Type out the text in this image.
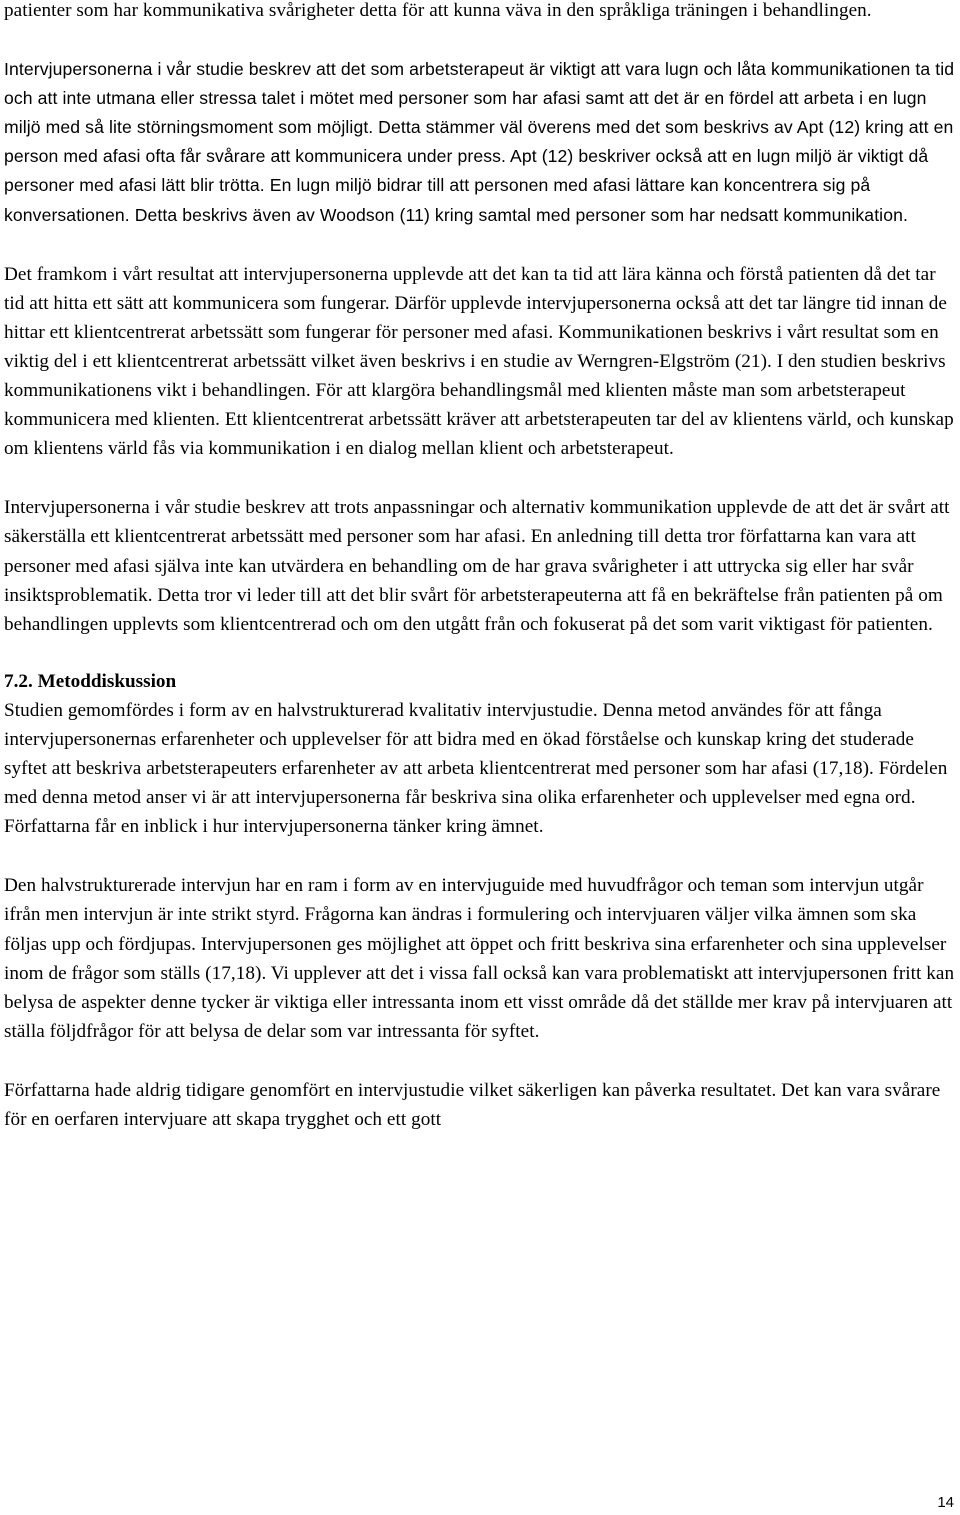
patienter som har kommunikativa svårigheter detta för att kunna väva in den språkliga träningen i behandlingen.

Intervjupersonerna i vår studie beskrev att det som arbetsterapeut är viktigt att vara lugn och låta kommunikationen ta tid och att inte utmana eller stressa talet i mötet med personer som har afasi samt att det är en fördel att arbeta i en lugn miljö med så lite störningsmoment som möjligt. Detta stämmer väl överens med det som beskrivs av Apt (12) kring att en person med afasi ofta får svårare att kommunicera under press. Apt (12) beskriver också att en lugn miljö är viktigt då personer med afasi lätt blir trötta. En lugn miljö bidrar till att personen med afasi lättare kan koncentrera sig på konversationen. Detta beskrivs även av Woodson (11) kring samtal med personer som har nedsatt kommunikation.

Det framkom i vårt resultat att intervjupersonerna upplevde att det kan ta tid att lära känna och förstå patienten då det tar tid att hitta ett sätt att kommunicera som fungerar. Därför upplevde intervjupersonerna också att det tar längre tid innan de hittar ett klientcentrerat arbetssätt som fungerar för personer med afasi. Kommunikationen beskrivs i vårt resultat som en viktig del i ett klientcentrerat arbetssätt vilket även beskrivs i en studie av Werngren-Elgström (21). I den studien beskrivs kommunikationens vikt i behandlingen. För att klargöra behandlingsmål med klienten måste man som arbetsterapeut kommunicera med klienten. Ett klientcentrerat arbetssätt kräver att arbetsterapeuten tar del av klientens värld, och kunskap om klientens värld fås via kommunikation i en dialog mellan klient och arbetsterapeut.

Intervjupersonerna i vår studie beskrev att trots anpassningar och alternativ kommunikation upplevde de att det är svårt att säkerställa ett klientcentrerat arbetssätt med personer som har afasi. En anledning till detta tror författarna kan vara att personer med afasi själva inte kan utvärdera en behandling om de har grava svårigheter i att uttrycka sig eller har svår insiktsproblematik. Detta tror vi leder till att det blir svårt för arbetsterapeuterna att få en bekräftelse från patienten på om behandlingen upplevts som klientcentrerad och om den utgått från och fokuserat på det som varit viktigast för patienten.

7.2. Metoddiskussion

Studien gemomfördes i form av en halvstrukturerad kvalitativ intervjustudie. Denna metod användes för att fånga intervjupersonernas erfarenheter och upplevelser för att bidra med en ökad förståelse och kunskap kring det studerade syftet att beskriva arbetsterapeuters erfarenheter av att arbeta klientcentrerat med personer som har afasi (17,18). Fördelen med denna metod anser vi är att intervjupersonerna får beskriva sina olika erfarenheter och upplevelser med egna ord. Författarna får en inblick i hur intervjupersonerna tänker kring ämnet.

Den halvstrukturerade intervjun har en ram i form av en intervjuguide med huvudfrågor och teman som intervjun utgår ifrån men intervjun är inte strikt styrd. Frågorna kan ändras i formulering och intervjuaren väljer vilka ämnen som ska följas upp och fördjupas. Intervjupersonen ges möjlighet att öppet och fritt beskriva sina erfarenheter och sina upplevelser inom de frågor som ställs (17,18). Vi upplever att det i vissa fall också kan vara problematiskt att intervjupersonen fritt kan belysa de aspekter denne tycker är viktiga eller intressanta inom ett visst område då det ställde mer krav på intervjuaren att ställa följdfrågor för att belysa de delar som var intressanta för syftet.

Författarna hade aldrig tidigare genomfört en intervjustudie vilket säkerligen kan påverka resultatet. Det kan vara svårare för en oerfaren intervjuare att skapa trygghet och ett gott

14
